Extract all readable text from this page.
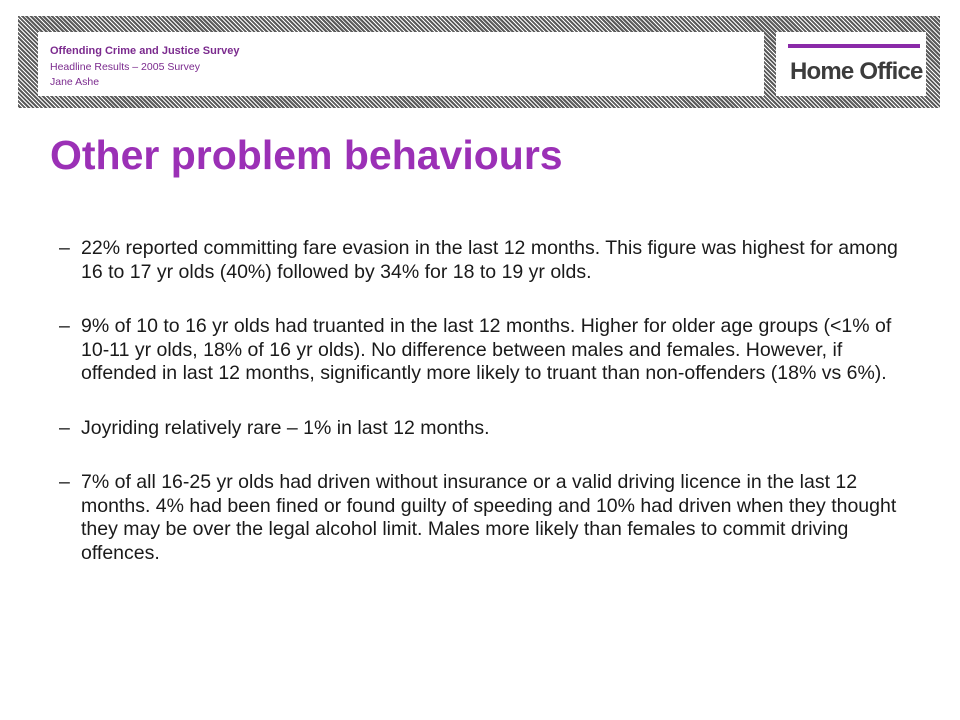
Offending Crime and Justice Survey
Headline Results – 2005 Survey
Jane Ashe	Home Office
Other problem behaviours
– 22% reported committing fare evasion in the last 12 months. This figure was highest for among 16 to 17 yr olds (40%) followed by 34% for 18 to 19 yr olds.
– 9% of 10 to 16 yr olds had truanted in the last 12 months. Higher for older age groups (<1% of 10-11 yr olds, 18% of 16 yr olds). No difference between males and females. However, if offended in last 12 months, significantly more likely to truant than non-offenders (18% vs 6%).
– Joyriding relatively rare – 1% in last 12 months.
– 7% of all 16-25 yr olds had driven without insurance or a valid driving licence in the last 12 months. 4% had been fined or found guilty of speeding and 10% had driven when they thought they may be over the legal alcohol limit. Males more likely than females to commit driving offences.
